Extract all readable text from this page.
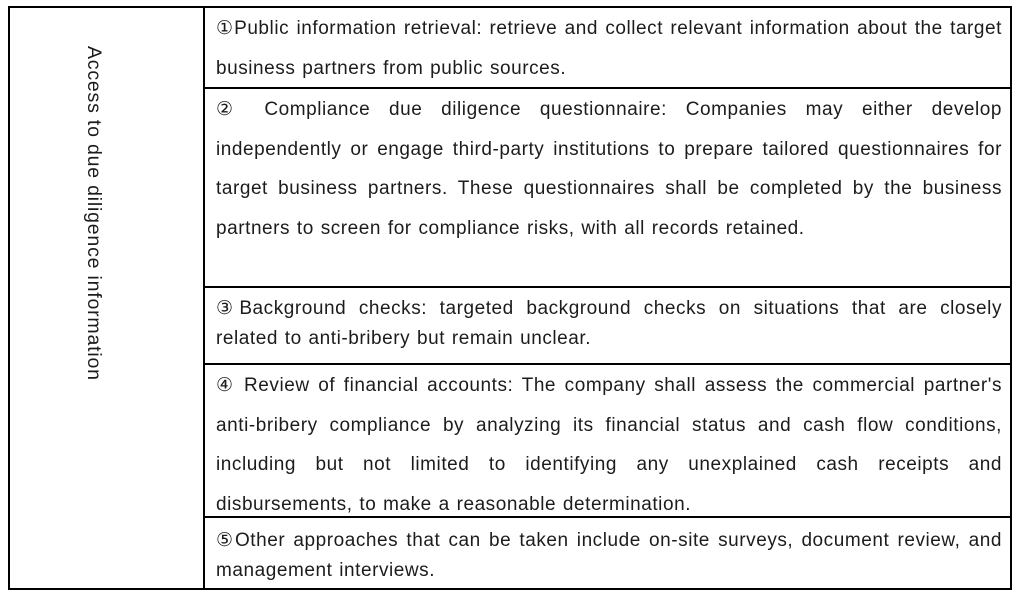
Access to due diligence information

①Public information retrieval: retrieve and collect relevant information about the target business partners from public sources.

② Compliance due diligence questionnaire: Companies may either develop independently or engage third-party institutions to prepare tailored questionnaires for target business partners. These questionnaires shall be completed by the business partners to screen for compliance risks, with all records retained.

③Background checks: targeted background checks on situations that are closely related to anti-bribery but remain unclear.

④ Review of financial accounts: The company shall assess the commercial partner's anti-bribery compliance by analyzing its financial status and cash flow conditions, including but not limited to identifying any unexplained cash receipts and disbursements, to make a reasonable determination.

⑤Other approaches that can be taken include on-site surveys, document review, and management interviews.
